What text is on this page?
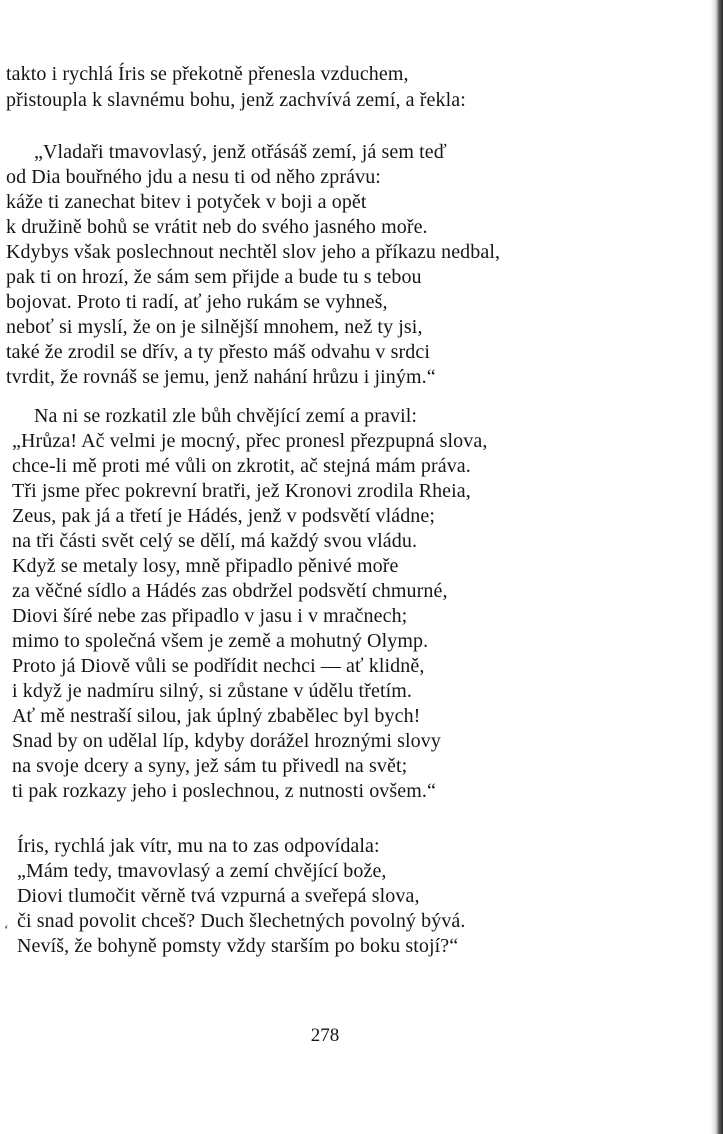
takto i rychlá Íris se překotně přenesla vzduchem,
přistoupla k slavnému bohu, jenž zachvívá zemí, a řekla:
„Vladaři tmavovlasý, jenž otřásáš zemí, já sem teď
od Dia bouřného jdu a nesu ti od něho zprávu:
káže ti zanechat bitev i potyček v boji a opět
k družině bohů se vrátit neb do svého jasného moře.
Kdybys však poslechnout nechtěl slov jeho a příkazu nedbal,
pak ti on hrozí, že sám sem přijde a bude tu s tebou
bojovat. Proto ti radí, ať jeho rukám se vyhneš,
neboť si myslí, že on je silnější mnohem, než ty jsi,
také že zrodil se dřív, a ty přesto máš odvahu v srdci
tvrdit, že rovnáš se jemu, jenž nahání hrůzu i jiným.“
Na ni se rozkatil zle bůh chvějící zemí a pravil:
„Hrůza! Ač velmi je mocný, přec pronesl přezpupná slova,
chce-li mě proti mé vůli on zkrotit, ač stejná mám práva.
Tři jsme přec pokrevní bratři, jež Kronovi zrodila Rheia,
Zeus, pak já a třetí je Hádés, jenž v podsvětí vládne;
na tři části svět celý se dělí, má každý svou vládu.
Když se metaly losy, mně připadlo pěnivé moře
za věčné sídlo a Hádés zas obdržel podsvětí chmurné,
Diovi šíré nebe zas připadlo v jasu i v mračnech;
mimo to společná všem je země a mohutný Olymp.
Proto já Diově vůli se podřídit nechci — ať klidně,
i když je nadmíru silný, si zůstane v údělu třetím.
Ať mě nestraší silou, jak úplný zbabělec byl bych!
Snad by on udělal líp, kdyby dorážel hroznými slovy
na svoje dcery a syny, jež sám tu přivedl na svět;
ti pak rozkazy jeho i poslechnou, z nutnosti ovšem.“
Íris, rychlá jak vítr, mu na to zas odpovídala:
„Mám tedy, tmavovlasý a zemí chvějící bože,
Diovi tlumočit věrně tvá vzpurná a sveřepá slova,
či snad povolit chceš? Duch šlechetných povolný bývá.
Nevíš, že bohyně pomsty vždy starším po boku stojí?“
ʻ
278
